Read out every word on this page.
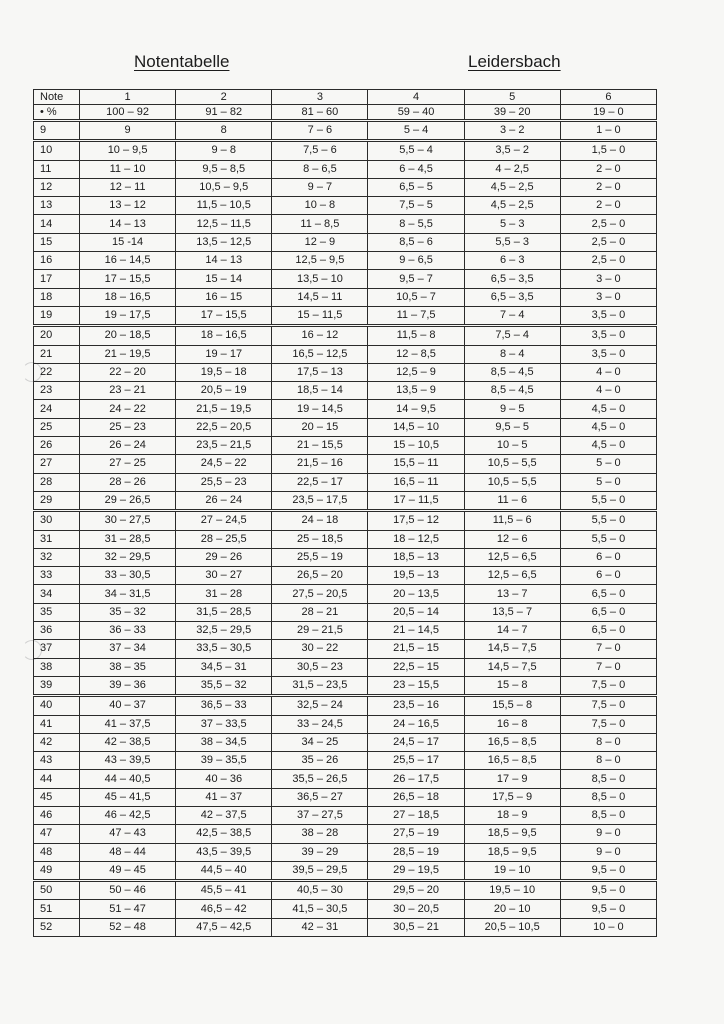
Notentabelle	Leidersbach
Note	1	2	3	4	5	6
• %	100 – 92	91 – 82	81 – 60	59 – 40	39 – 20	19 – 0
9	9	8	7 – 6	5 – 4	3 – 2	1 – 0
10	10 – 9,5	9 – 8	7,5 – 6	5,5 – 4	3,5 – 2	1,5 – 0
11	11 – 10	9,5 – 8,5	8 – 6,5	6 – 4,5	4 – 2,5	2 – 0
12	12 – 11	10,5 – 9,5	9 – 7	6,5 – 5	4,5 – 2,5	2 – 0
13	13 – 12	11,5 – 10,5	10 – 8	7,5 – 5	4,5 – 2,5	2 – 0
14	14 – 13	12,5 – 11,5	11 – 8,5	8 – 5,5	5 – 3	2,5 – 0
15	15 -14	13,5 – 12,5	12 – 9	8,5 – 6	5,5 – 3	2,5 – 0
16	16 – 14,5	14 – 13	12,5 – 9,5	9 – 6,5	6 – 3	2,5 – 0
17	17 – 15,5	15 – 14	13,5 – 10	9,5 – 7	6,5 – 3,5	3 – 0
18	18 – 16,5	16 – 15	14,5 – 11	10,5 – 7	6,5 – 3,5	3 – 0
19	19 – 17,5	17 – 15,5	15 – 11,5	11 – 7,5	7 – 4	3,5 – 0
20	20 – 18,5	18 – 16,5	16 – 12	11,5 – 8	7,5 – 4	3,5 – 0
21	21 – 19,5	19 – 17	16,5 – 12,5	12 – 8,5	8 – 4	3,5 – 0
22	22 – 20	19,5 – 18	17,5 – 13	12,5 – 9	8,5 – 4,5	4 – 0
23	23 – 21	20,5 – 19	18,5 – 14	13,5 – 9	8,5 – 4,5	4 – 0
24	24 – 22	21,5 – 19,5	19 – 14,5	14 – 9,5	9 – 5	4,5 – 0
25	25 – 23	22,5 – 20,5	20 – 15	14,5 – 10	9,5 – 5	4,5 – 0
26	26 – 24	23,5 – 21,5	21 – 15,5	15 – 10,5	10 – 5	4,5 – 0
27	27 – 25	24,5 – 22	21,5 – 16	15,5 – 11	10,5 – 5,5	5 – 0
28	28 – 26	25,5 – 23	22,5 – 17	16,5 – 11	10,5 – 5,5	5 – 0
29	29 – 26,5	26 – 24	23,5 – 17,5	17 – 11,5	11 – 6	5,5 – 0
30	30 – 27,5	27 – 24,5	24 – 18	17,5 – 12	11,5 – 6	5,5 – 0
31	31 – 28,5	28 – 25,5	25 – 18,5	18 – 12,5	12 – 6	5,5 – 0
32	32 – 29,5	29 – 26	25,5 – 19	18,5 – 13	12,5 – 6,5	6 – 0
33	33 – 30,5	30 – 27	26,5 – 20	19,5 – 13	12,5 – 6,5	6 – 0
34	34 – 31,5	31 – 28	27,5 – 20,5	20 – 13,5	13 – 7	6,5 – 0
35	35 – 32	31,5 – 28,5	28 – 21	20,5 – 14	13,5 – 7	6,5 – 0
36	36 – 33	32,5 – 29,5	29 – 21,5	21 – 14,5	14 – 7	6,5 – 0
37	37 – 34	33,5 – 30,5	30 – 22	21,5 – 15	14,5 – 7,5	7 – 0
38	38 – 35	34,5 – 31	30,5 – 23	22,5 – 15	14,5 – 7,5	7 – 0
39	39 – 36	35,5 – 32	31,5 – 23,5	23 – 15,5	15 – 8	7,5 – 0
40	40 – 37	36,5 – 33	32,5 – 24	23,5 – 16	15,5 – 8	7,5 – 0
41	41 – 37,5	37 – 33,5	33 – 24,5	24 – 16,5	16 – 8	7,5 – 0
42	42 – 38,5	38 – 34,5	34 – 25	24,5 – 17	16,5 – 8,5	8 – 0
43	43 – 39,5	39 – 35,5	35 – 26	25,5 – 17	16,5 – 8,5	8 – 0
44	44 – 40,5	40 – 36	35,5 – 26,5	26 – 17,5	17 – 9	8,5 – 0
45	45 – 41,5	41 – 37	36,5 – 27	26,5 – 18	17,5 – 9	8,5 – 0
46	46 – 42,5	42 – 37,5	37 – 27,5	27 – 18,5	18 – 9	8,5 – 0
47	47 – 43	42,5 – 38,5	38 – 28	27,5 – 19	18,5 – 9,5	9 – 0
48	48 – 44	43,5 – 39,5	39 – 29	28,5 – 19	18,5 – 9,5	9 – 0
49	49 – 45	44,5 – 40	39,5 – 29,5	29 – 19,5	19 – 10	9,5 – 0
50	50 – 46	45,5 – 41	40,5 – 30	29,5 – 20	19,5 – 10	9,5 – 0
51	51 – 47	46,5 – 42	41,5 – 30,5	30 – 20,5	20 – 10	9,5 – 0
52	52 – 48	47,5 – 42,5	42 – 31	30,5 – 21	20,5 – 10,5	10 – 0
